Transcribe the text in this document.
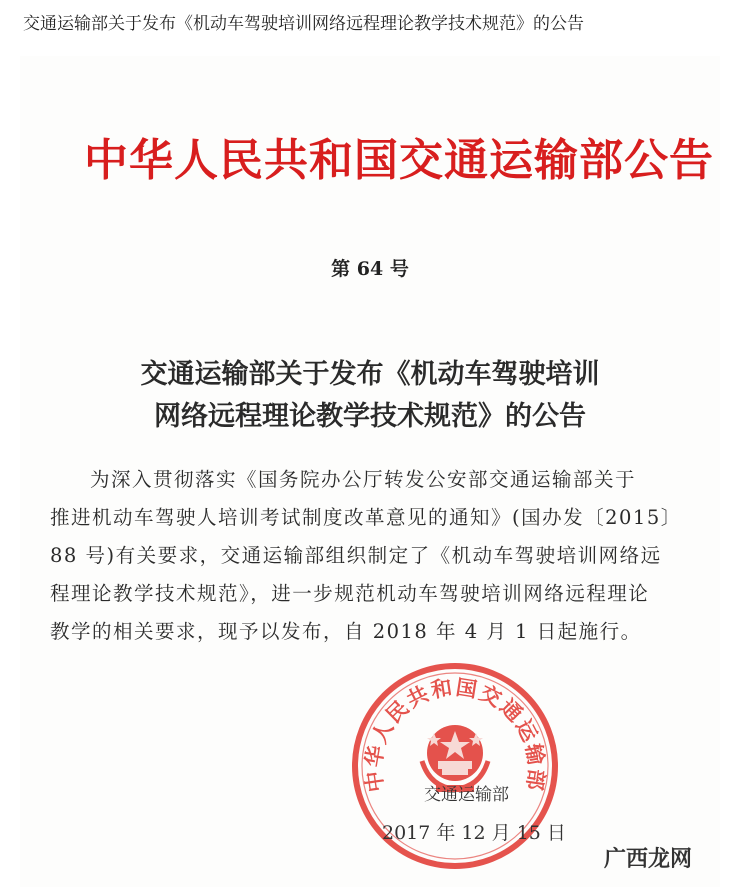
交通运输部关于发布《机动车驾驶培训网络远程理论教学技术规范》的公告
中华人民共和国交通运输部公告
第 64 号
交通运输部关于发布《机动车驾驶培训
网络远程理论教学技术规范》的公告
为深入贯彻落实《国务院办公厅转发公安部交通运输部关于
推进机动车驾驶人培训考试制度改革意见的通知》(国办发〔2015〕
88 号)有关要求，交通运输部组织制定了《机动车驾驶培训网络远
程理论教学技术规范》，进一步规范机动车驾驶培训网络远程理论
教学的相关要求，现予以发布，自 2018 年 4 月 1 日起施行。
中华人民共和国交通运输部
交通运输部
2017 年 12 月 15 日
广西龙网
